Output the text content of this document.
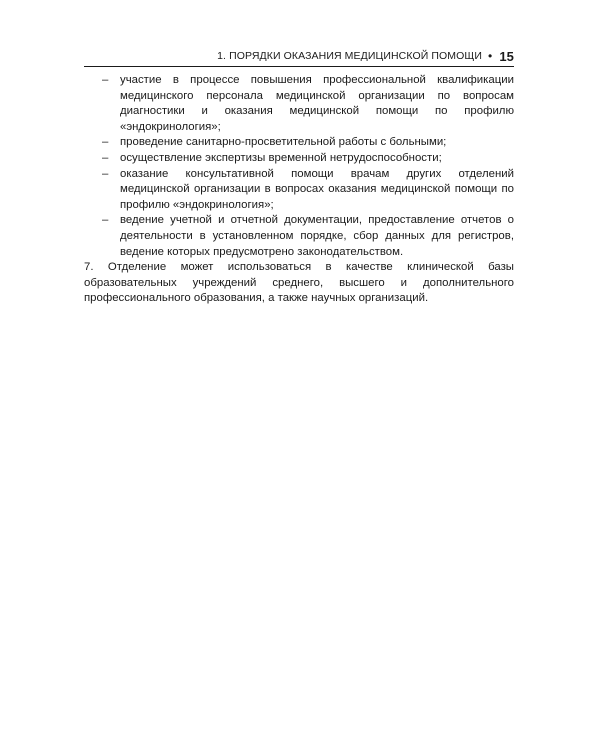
1. ПОРЯДКИ ОКАЗАНИЯ МЕДИЦИНСКОЙ ПОМОЩИ • 15
– участие в процессе повышения профессиональной квалификации медицинского персонала медицинской организации по вопросам диагностики и оказания медицинской помощи по профилю «эндокринология»;
– проведение санитарно-просветительной работы с больными;
– осуществление экспертизы временной нетрудоспособности;
– оказание консультативной помощи врачам других отделений медицинской организации в вопросах оказания медицинской помощи по профилю «эндокринология»;
– ведение учетной и отчетной документации, предоставление отчетов о деятельности в установленном порядке, сбор данных для регистров, ведение которых предусмотрено законодательством.

7. Отделение может использоваться в качестве клинической базы образовательных учреждений среднего, высшего и дополнительного профессионального образования, а также научных организаций.
